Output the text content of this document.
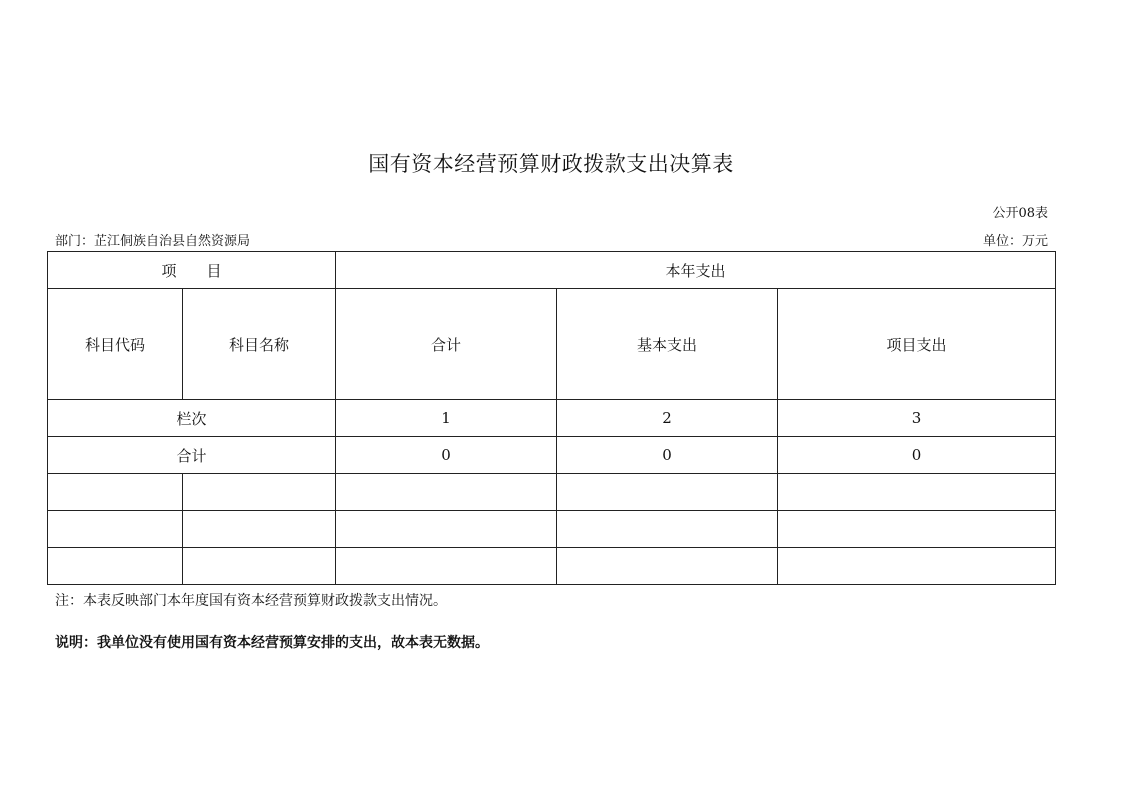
国有资本经营预算财政拨款支出决算表
公开08表
部门：芷江侗族自治县自然资源局	单位：万元
项　　目		本年支出		
科目代码	科目名称	合计	基本支出	项目支出
栏次		1	2	3
合计		0	0	0

注：本表反映部门本年度国有资本经营预算财政拨款支出情况。
说明：我单位没有使用国有资本经营预算安排的支出，故本表无数据。
